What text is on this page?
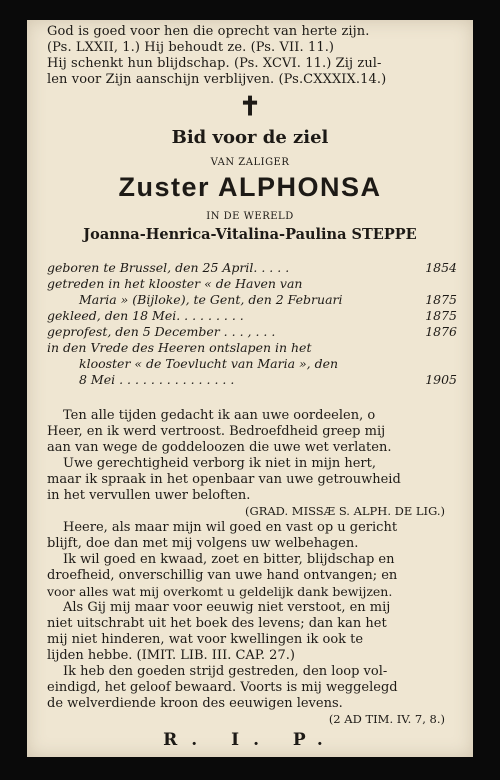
God is goed voor hen die oprecht van herte zijn.
(Ps. LXXII, 1.) Hij behoudt ze. (Ps. VII. 11.)
Hij schenkt hun blijdschap. (Ps. XCVI. 11.) Zij zul-
len voor Zijn aanschijn verblijven. (Ps.CXXXIX.14.)
✝
Bid voor de ziel
VAN ZALIGER
Zuster ALPHONSA
IN DE WERELD
Joanna-Henrica-Vitalina-Paulina STEPPE
geboren te Brussel, den 25 April. . . . .	1854
getreden in het klooster « de Haven van
Maria » (Bijloke), te Gent, den 2 Februari	1875
gekleed, den 18 Mei. . . . . . . . .	1875
geprofest, den 5 December . . . , . . .	1876
in den Vrede des Heeren ontslapen in het
klooster « de Toevlucht van Maria », den
8 Mei . . . . . . . . . . . . . . .	1905
Ten alle tijden gedacht ik aan uwe oordeelen, o
Heer, en ik werd vertroost. Bedroefdheid greep mij
aan van wege de goddeloozen die uwe wet verlaten.
Uwe gerechtigheid verborg ik niet in mijn hert,
maar ik spraak in het openbaar van uwe getrouwheid
in het vervullen uwer beloften.
(GRAD. MISSÆ S. ALPH. DE LIG.)
Heere, als maar mijn wil goed en vast op u gericht
blijft, doe dan met mij volgens uw welbehagen.
Ik wil goed en kwaad, zoet en bitter, blijdschap en
droefheid, onverschillig van uwe hand ontvangen; en
voor alles wat mij overkomt u geldelijk dank bewijzen.
Als Gij mij maar voor eeuwig niet verstoot, en mij
niet uitschrabt uit het boek des levens; dan kan het
mij niet hinderen, wat voor kwellingen ik ook te
lijden hebbe. (IMIT. LIB. III. CAP. 27.)
Ik heb den goeden strijd gestreden, den loop vol-
eindigd, het geloof bewaard. Voorts is mij weggelegd
de welverdiende kroon des eeuwigen levens.
(2 AD TIM. IV. 7, 8.)
R. I. P.
